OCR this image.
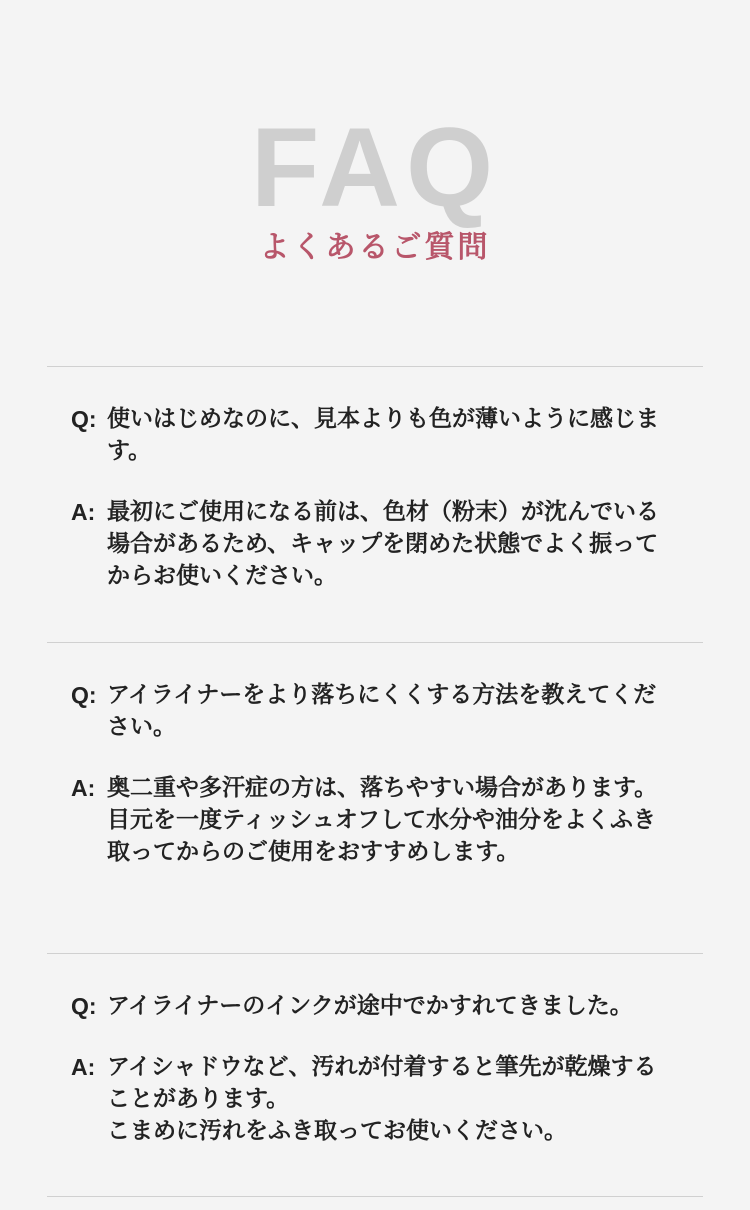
FAQ
よくあるご質問
Q: 使いはじめなのに、見本よりも色が薄いように感じます。
A: 最初にご使用になる前は、色材（粉末）が沈んでいる場合があるため、キャップを閉めた状態でよく振ってからお使いください。
Q: アイライナーをより落ちにくくする方法を教えてください。
A: 奥二重や多汗症の方は、落ちやすい場合があります。
目元を一度ティッシュオフして水分や油分をよくふき取ってからのご使用をおすすめします。
Q: アイライナーのインクが途中でかすれてきました。
A: アイシャドウなど、汚れが付着すると筆先が乾燥することがあります。
こまめに汚れをふき取ってお使いください。
